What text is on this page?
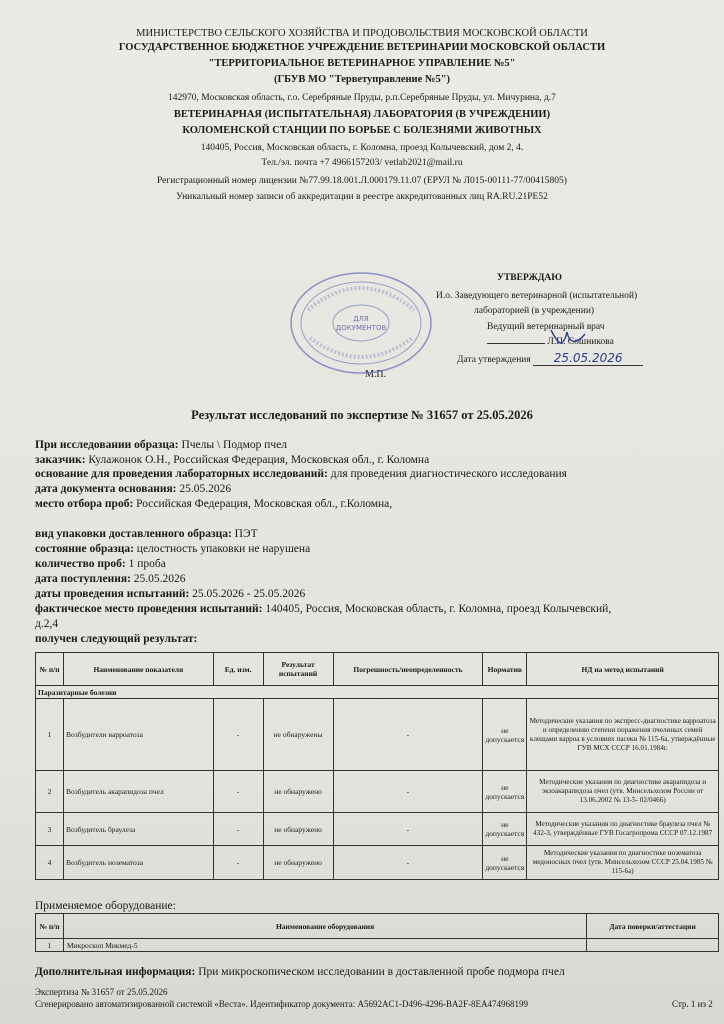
МИНИСТЕРСТВО СЕЛЬСКОГО ХОЗЯЙСТВА И ПРОДОВОЛЬСТВИЯ МОСКОВСКОЙ ОБЛАСТИ
ГОСУДАРСТВЕННОЕ БЮДЖЕТНОЕ УЧРЕЖДЕНИЕ ВЕТЕРИНАРИИ МОСКОВСКОЙ ОБЛАСТИ
"ТЕРРИТОРИАЛЬНОЕ ВЕТЕРИНАРНОЕ УПРАВЛЕНИЕ №5"
(ГБУВ МО "Терветуправление №5")
142970, Московская область, г.о. Серебряные Пруды, р.п.Серебряные Пруды, ул. Мичурина, д.7
ВЕТЕРИНАРНАЯ (ИСПЫТАТЕЛЬНАЯ) ЛАБОРАТОРИЯ (В УЧРЕЖДЕНИИ)
КОЛОМЕНСКОЙ СТАНЦИИ ПО БОРЬБЕ С БОЛЕЗНЯМИ ЖИВОТНЫХ
140405, Россия, Московская область, г. Коломна, проезд Колычевский, дом 2, 4.
Тел./эл. почта +7 4966157203/ vetlab2021@mail.ru
Регистрационный номер лицензии №77.99.18.001.Л.000179.11.07 (ЕРУЛ № Л015-00111-77/00415805)
Уникальный номер записи об аккредитации в реестре аккредитованных лиц RA.RU.21PE52
УТВЕРЖДАЮ
И.о. Заведующего ветеринарной (испытательной)
лабораторией (в учреждении)
Ведущий ветеринарный врач
Л.П. Сошникова
Дата утверждения 25.05.2026
М.П.
ДЛЯ
ДОКУМЕНТОВ
Результат исследований по экспертизе № 31657 от 25.05.2026
При исследовании образца: Пчелы \ Подмор пчел
заказчик: Кулажонок О.Н., Российская Федерация, Московская обл., г. Коломна
основание для проведения лабораторных исследований: для проведения диагностического исследования
дата документа основания: 25.05.2026
место отбора проб: Российская Федерация, Московская обл., г.Коломна,
вид упаковки доставленного образца: ПЭТ
состояние образца: целостность упаковки не нарушена
количество проб: 1 проба
дата поступления: 25.05.2026
даты проведения испытаний: 25.05.2026 - 25.05.2026
фактическое место проведения испытаний: 140405, Россия, Московская область, г. Коломна, проезд Колычевский,
д.2,4
получен следующий результат:
№ п/п	Наименование показателя	Ед. изм.	Результат испытаний	Погрешность/неопределенность	Норматив	НД на метод испытаний
Паразитарные болезни						
1	Возбудители варроатоза	-	не обнаружены	-	не допускается	Методические указания по экспресс-диагностике варроатоза и определению степени поражения пчелиных семей клещами варроа в условиях пасеки № 115-6а, утверждённые ГУВ МСХ СССР 16.01.1984г.
2	Возбудитель акарапидоза пчел	-	не обнаружено	-	не допускается	Методические указания по диагностике акарапидоза и экзоакарапидоза пчел (утв. Минсельхозом России от 13.06.2002 № 13-5- 02/0466)
3	Возбудитель браулеза	-	не обнаружено	-	не допускается	Методические указания по диагностике браулеза пчел № 432-3, утверждённые ГУВ Госагропрома СССР 07.12.1987
4	Возбудитель нозематоза	-	не обнаружено	-	не допускается	Методические указания по диагностике нозематоза медоносных пчел (утв. Минсельхозом СССР 25.04.1985 № 115-6а)
Применяемое оборудование:
№ п/п	Наименование оборудования	Дата поверки/аттестации
1	Микроскоп Микмед-5	
Дополнительная информация: При микроскопическом исследовании в доставленной пробе подмора пчел
Экспертиза № 31657 от 25.05.2026
Сгенерировано автоматизированной системой «Веста». Идентификатор документа: A5692AC1-D496-4296-BA2F-8EA474968199	Стр. 1 из 2
